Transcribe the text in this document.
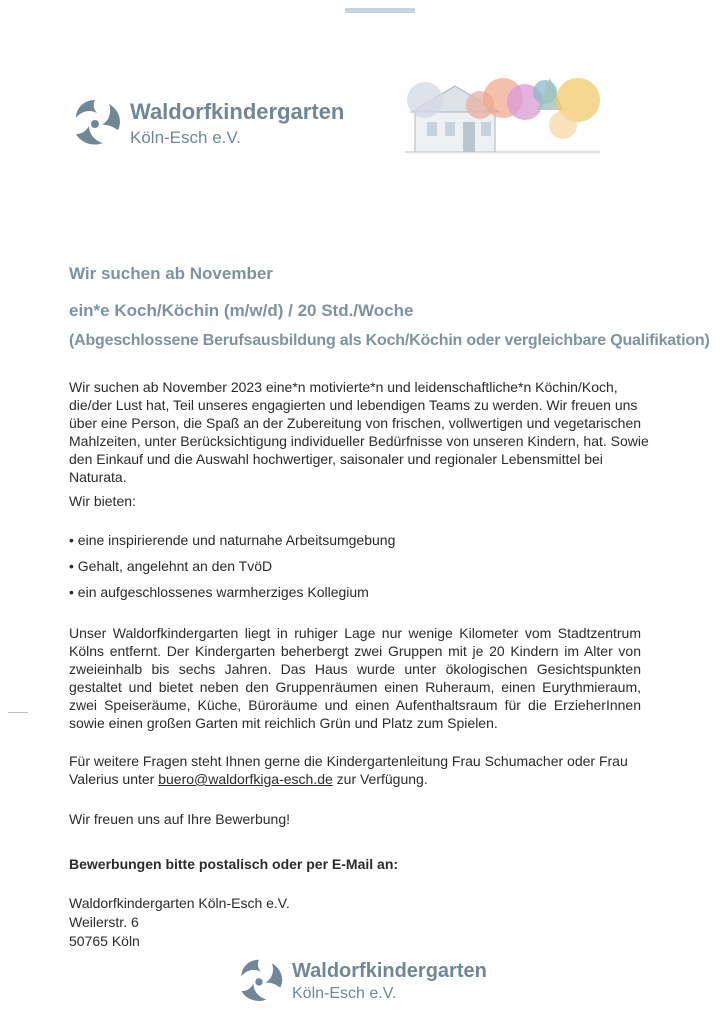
Waldorfkindergarten
Köln-Esch e.V.
Wir suchen ab November
ein*e Koch/Köchin (m/w/d) / 20 Std./Woche
(Abgeschlossene Berufsausbildung als Koch/Köchin oder vergleichbare Qualifikation)
Wir suchen ab November 2023 eine*n motivierte*n und leidenschaftliche*n Köchin/Koch, die/der Lust hat, Teil unseres engagierten und lebendigen Teams zu werden. Wir freuen uns über eine Person, die Spaß an der Zubereitung von frischen, vollwertigen und vegetarischen Mahlzeiten, unter Berücksichtigung individueller Bedürfnisse von unseren Kindern, hat. Sowie den Einkauf und die Auswahl hochwertiger, saisonaler und regionaler Lebensmittel bei Naturata.
Wir bieten:
• eine inspirierende und naturnahe Arbeitsumgebung
• Gehalt, angelehnt an den TvöD
• ein aufgeschlossenes warmherziges Kollegium
Unser Waldorfkindergarten liegt in ruhiger Lage nur wenige Kilometer vom Stadtzentrum Kölns entfernt. Der Kindergarten beherbergt zwei Gruppen mit je 20 Kindern im Alter von zweieinhalb bis sechs Jahren. Das Haus wurde unter ökologischen Gesichtspunkten gestaltet und bietet neben den Gruppenräumen einen Ruheraum, einen Eurythmieraum, zwei Speiseräume, Küche, Büroräume und einen Aufenthaltsraum für die ErzieherInnen sowie einen großen Garten mit reichlich Grün und Platz zum Spielen.
Für weitere Fragen steht Ihnen gerne die Kindergartenleitung Frau Schumacher oder Frau Valerius unter buero@waldorfkiga-esch.de zur Verfügung.
Wir freuen uns auf Ihre Bewerbung!
Bewerbungen bitte postalisch oder per E-Mail an:
Waldorfkindergarten Köln-Esch e.V.
Weilerstr. 6
50765 Köln
Waldorfkindergarten
Köln-Esch e.V.
